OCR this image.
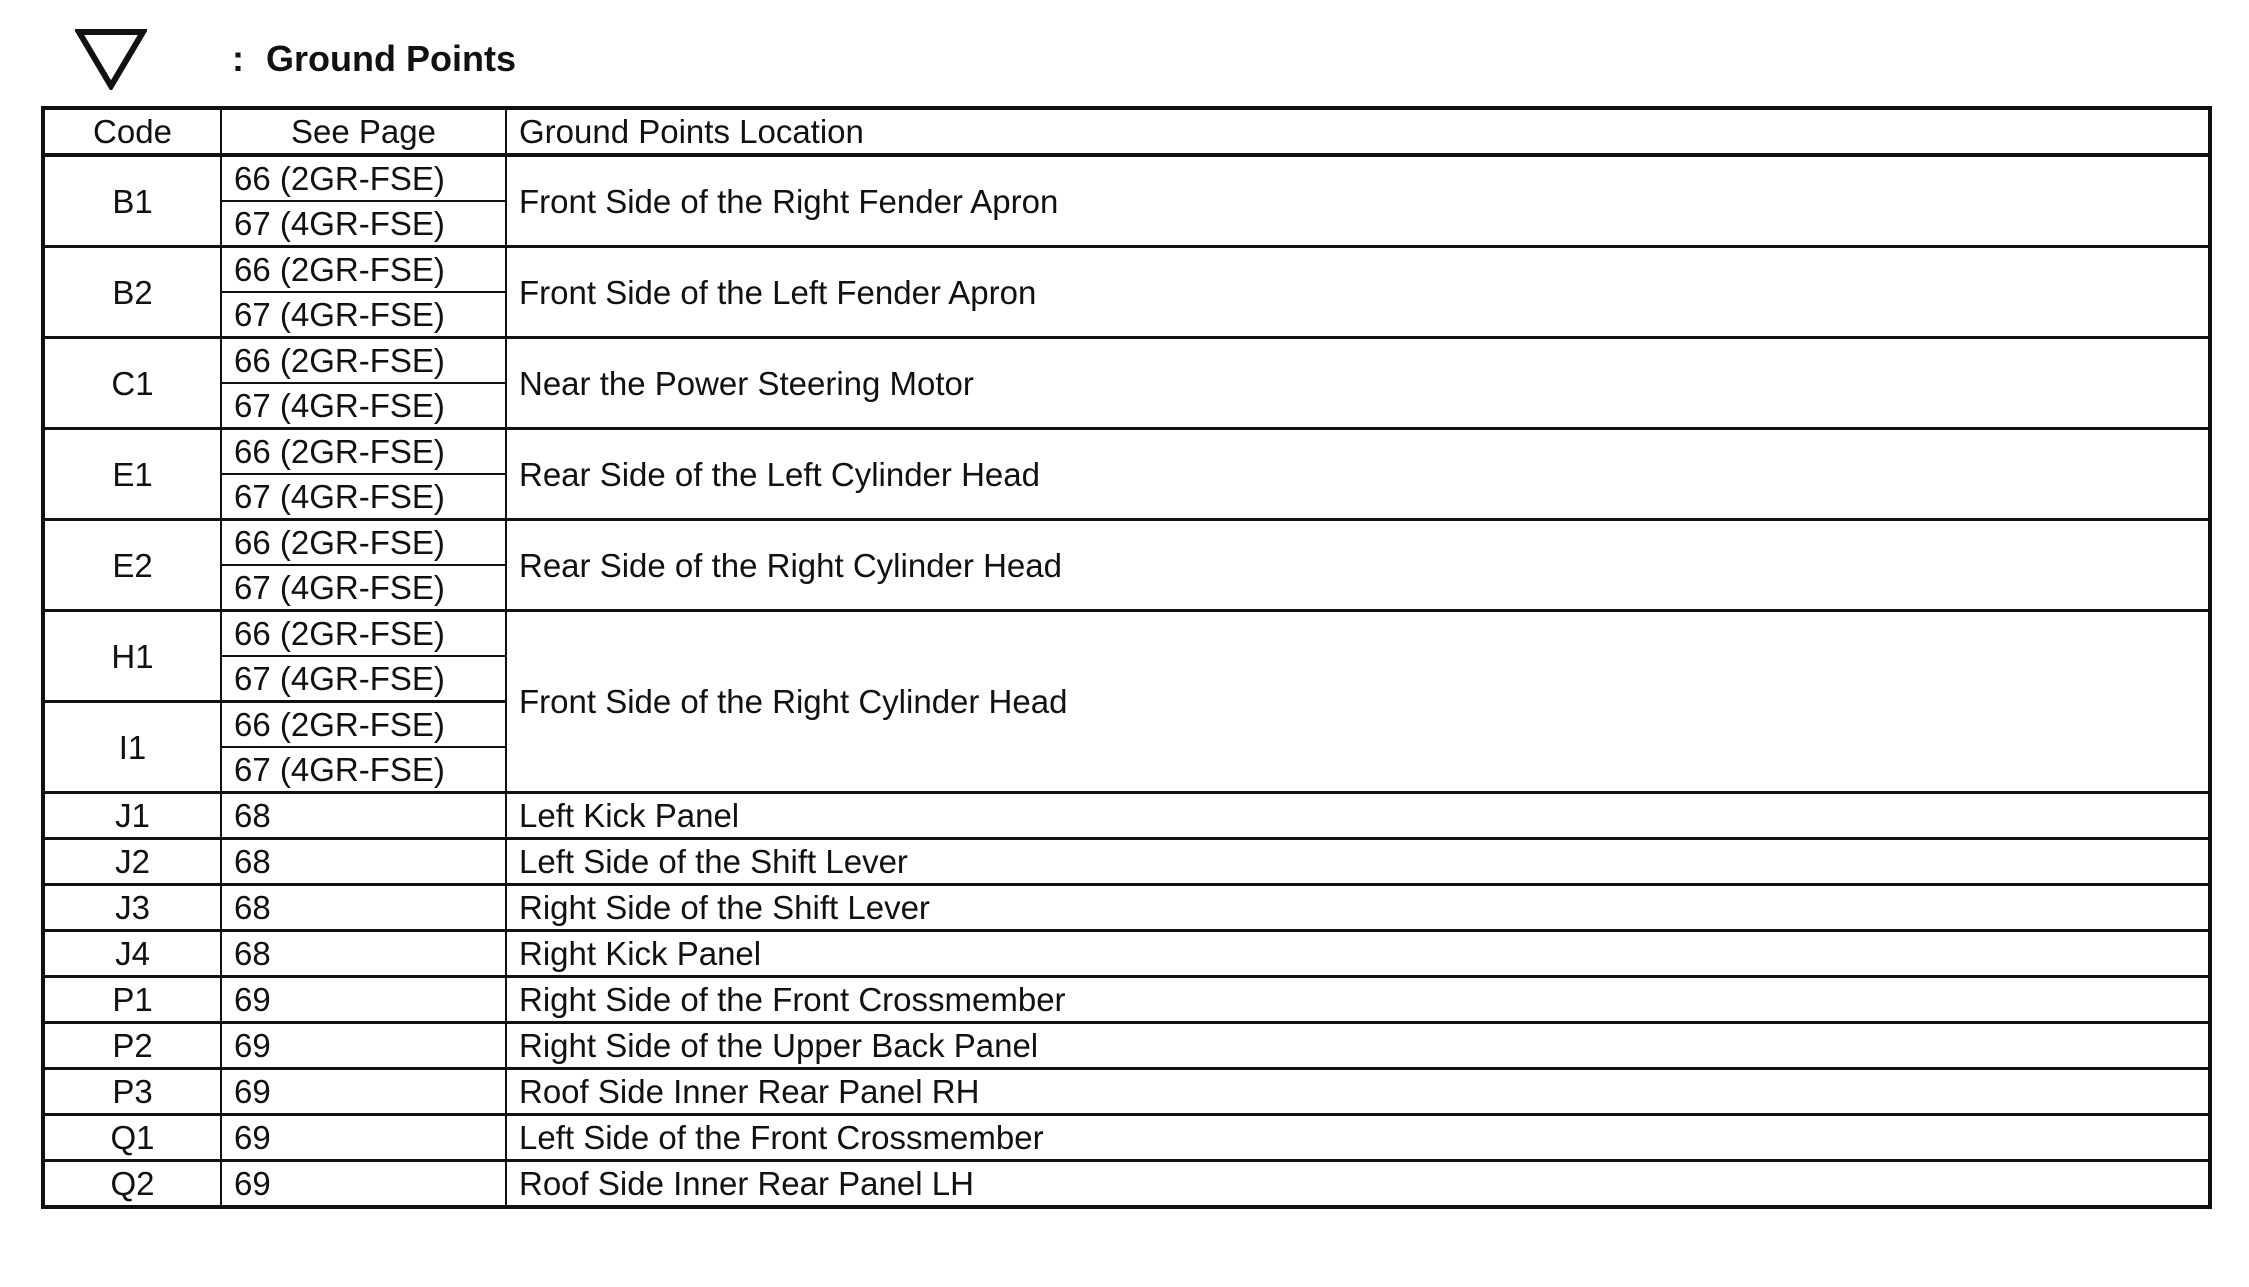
: Ground Points
Code	See Page	Ground Points Location
B1	66 (2GR-FSE)	Front Side of the Right Fender Apron
	67 (4GR-FSE)	
B2	66 (2GR-FSE)	Front Side of the Left Fender Apron
	67 (4GR-FSE)	
C1	66 (2GR-FSE)	Near the Power Steering Motor
	67 (4GR-FSE)	
E1	66 (2GR-FSE)	Rear Side of the Left Cylinder Head
	67 (4GR-FSE)	
E2	66 (2GR-FSE)	Rear Side of the Right Cylinder Head
	67 (4GR-FSE)	
H1	66 (2GR-FSE)	Front Side of the Right Cylinder Head
	67 (4GR-FSE)	
I1	66 (2GR-FSE)	
	67 (4GR-FSE)	
J1	68	Left Kick Panel
J2	68	Left Side of the Shift Lever
J3	68	Right Side of the Shift Lever
J4	68	Right Kick Panel
P1	69	Right Side of the Front Crossmember
P2	69	Right Side of the Upper Back Panel
P3	69	Roof Side Inner Rear Panel RH
Q1	69	Left Side of the Front Crossmember
Q2	69	Roof Side Inner Rear Panel LH
